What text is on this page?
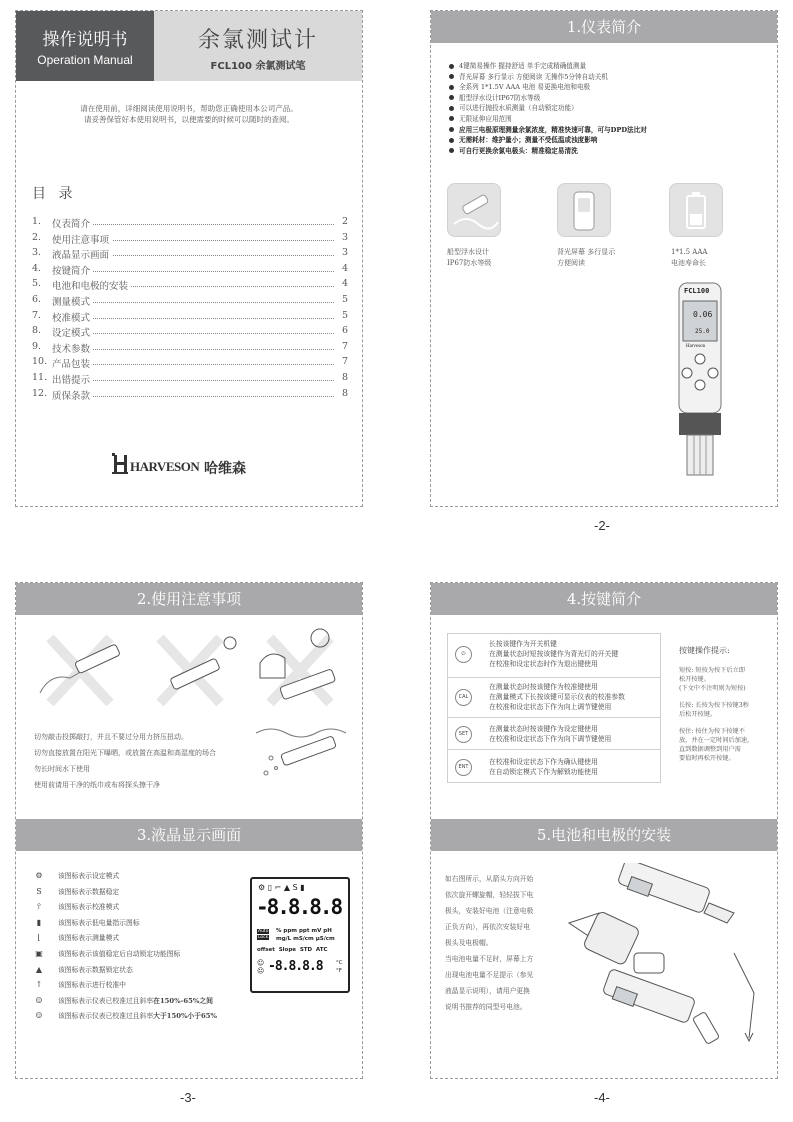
操作说明书
Operation Manual
余氯测试计
FCL100 余氯测试笔
请在使用前，详细阅读使用说明书，帮助您正确使用本公司产品。
请妥善保管好本使用说明书，以便需要的时候可以随时的查阅。
目 录
1. 仪表简介	2
2. 使用注意事项	3
3. 液晶显示画面	3
4. 按键简介	4
5. 电池和电极的安装	4
6. 测量模式	5
7. 校准模式	5
8. 设定模式	6
9. 技术参数	7
10. 产品包装	7
11. 出错提示	8
12. 质保条款	8
HARVESON 哈维森
1.仪表简介
4键简易操作 握持舒适 单手完成精确值测量
背光屏幕 多行显示 方便阅读 无操作5分钟自动关机
全系列 1*1.5V AAA 电池 易更换电池和电极
船型浮水设计IP67防水等级
可以进行抛投水质测量（自动锁定功能）
无限延伸应用范围
应用三电极原理测量余氯浓度，精准快速可靠，可与DPD法比对
无需耗材：维护量小；测量不受低温或浊度影响
可自行更换余氯电极头：精准稳定易清洗
船型浮水设计
IP67防水等级
背光屏幕 多行显示
方便阅读
1*1.5 AAA
电池寿命长
FCL100
0.06
25.0
Harveson
-2-
2.使用注意事项
切勿敲击投掷敲打，并且不要过分用力挤压扭动。
切勿直接放置在阳光下曝晒，或放置在高温和高湿度的场合
勿长时间水下使用
使用前请用干净的纸巾或布将探头擦干净
3.液晶显示画面
⚙ 该图标表示设定模式
S 该图标表示数据稳定
⫯	该图标表示校准模式
▮ 该图标表示低电量指示图标
⌊	该图标表示测量模式
▣ 该图标表示该值稳定后自动锁定功能图标
▲ 该图标表示数据锁定状态
↑ 该图标表示进行校准中
☺ 该图标表示仪表已校准过且斜率在150%-65%之间
☺ 该图标表示仪表已校准过且斜率大于150%小于65%
⚙ ▯ ⌐ ▲ S ▮
-8.8.8.8
Auto
Lock
% ppm ppt mV pH
mg/L mS/cm μS/cm
offset  Slope  STD  ATC
☺
☹ -8.8.8.8 °C
°F
-3-
4.按键简介
⏻
长按该键作为开关机键
在测量状态时短按该键作为背光灯的开关键
在校准和设定状态时作为退出键使用
CAL
在测量状态时按该键作为校准键使用
在测量模式下长按该键可显示仪表的校准参数
在校准和设定状态下作为向上调节键使用
SET
在测量状态时按该键作为设定键使用
在校准和设定状态下作为向下调节键使用
ENT
在校准和设定状态下作为确认键使用
在自动锁定模式下作为解锁功能使用
按键操作提示:
短按: 短按为按下后立即
松开按键。
(下文中不注明则为短按)
长按: 长按为按下按键3秒
后松开按键。
按住: 按住为按下按键不
放，并在一定时间后加速，
直到数据调整到用户需
要值时再松开按键。
5.电池和电极的安装
如右图所示，从箭头方向开始
依次旋开螺旋帽，轻轻拔下电
极头，安装好电池（注意电极
正负方向），再依次安装好电
极头及电极帽。
当电池电量不足时，屏幕上方
出现电池电量不足提示（参见
液晶显示说明），请用户更换
说明书推荐的同型号电池。
-4-
